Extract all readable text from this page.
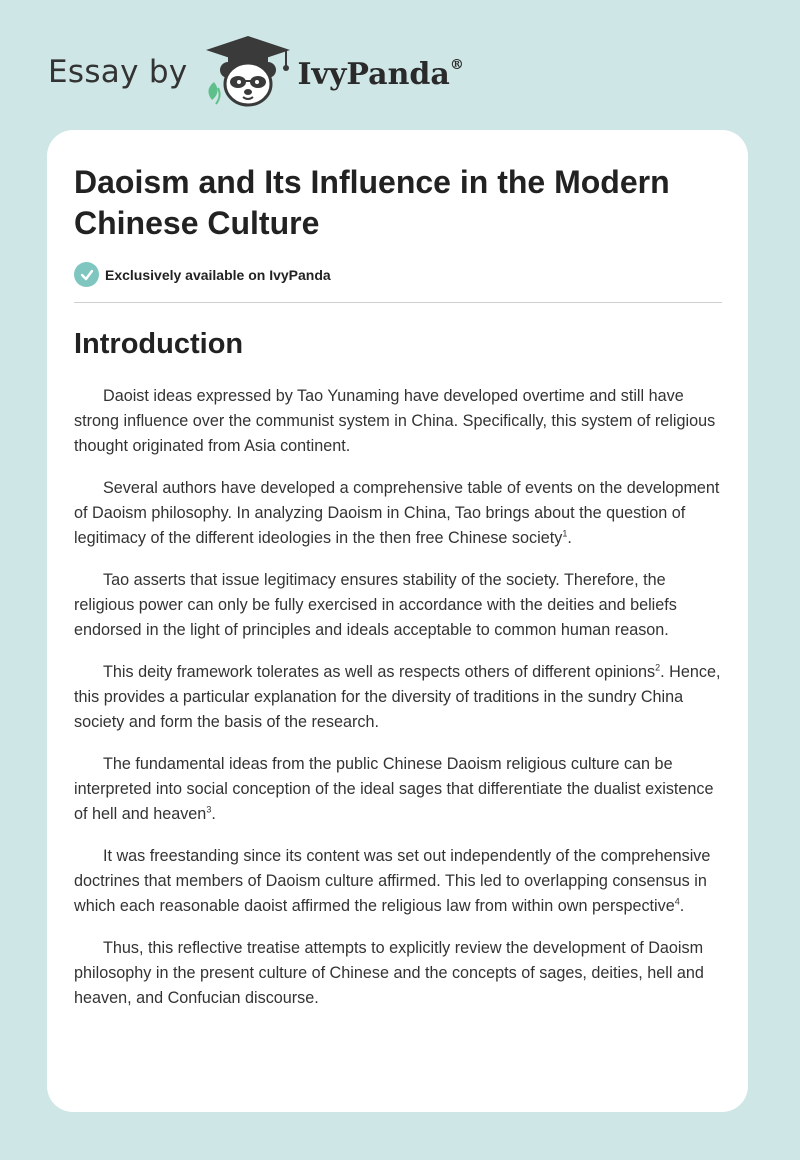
Essay by	IvyPanda®
Daoism and Its Influence in the Modern Chinese Culture
Exclusively available on IvyPanda
Introduction

Daoist ideas expressed by Tao Yunaming have developed overtime and still have strong influence over the communist system in China. Specifically, this system of religious thought originated from Asia continent.

Several authors have developed a comprehensive table of events on the development of Daoism philosophy. In analyzing Daoism in China, Tao brings about the question of legitimacy of the different ideologies in the then free Chinese society$^1$.

Tao asserts that issue legitimacy ensures stability of the society. Therefore, the religious power can only be fully exercised in accordance with the deities and beliefs endorsed in the light of principles and ideals acceptable to common human reason.

This deity framework tolerates as well as respects others of different opinions$^2$. Hence, this provides a particular explanation for the diversity of traditions in the sundry China society and form the basis of the research.

The fundamental ideas from the public Chinese Daoism religious culture can be interpreted into social conception of the ideal sages that differentiate the dualist existence of hell and heaven$^3$.

It was freestanding since its content was set out independently of the comprehensive doctrines that members of Daoism culture affirmed. This led to overlapping consensus in which each reasonable daoist affirmed the religious law from within own perspective$^4$.

Thus, this reflective treatise attempts to explicitly review the development of Daoism philosophy in the present culture of Chinese and the concepts of sages, deities, hell and heaven, and Confucian discourse.
